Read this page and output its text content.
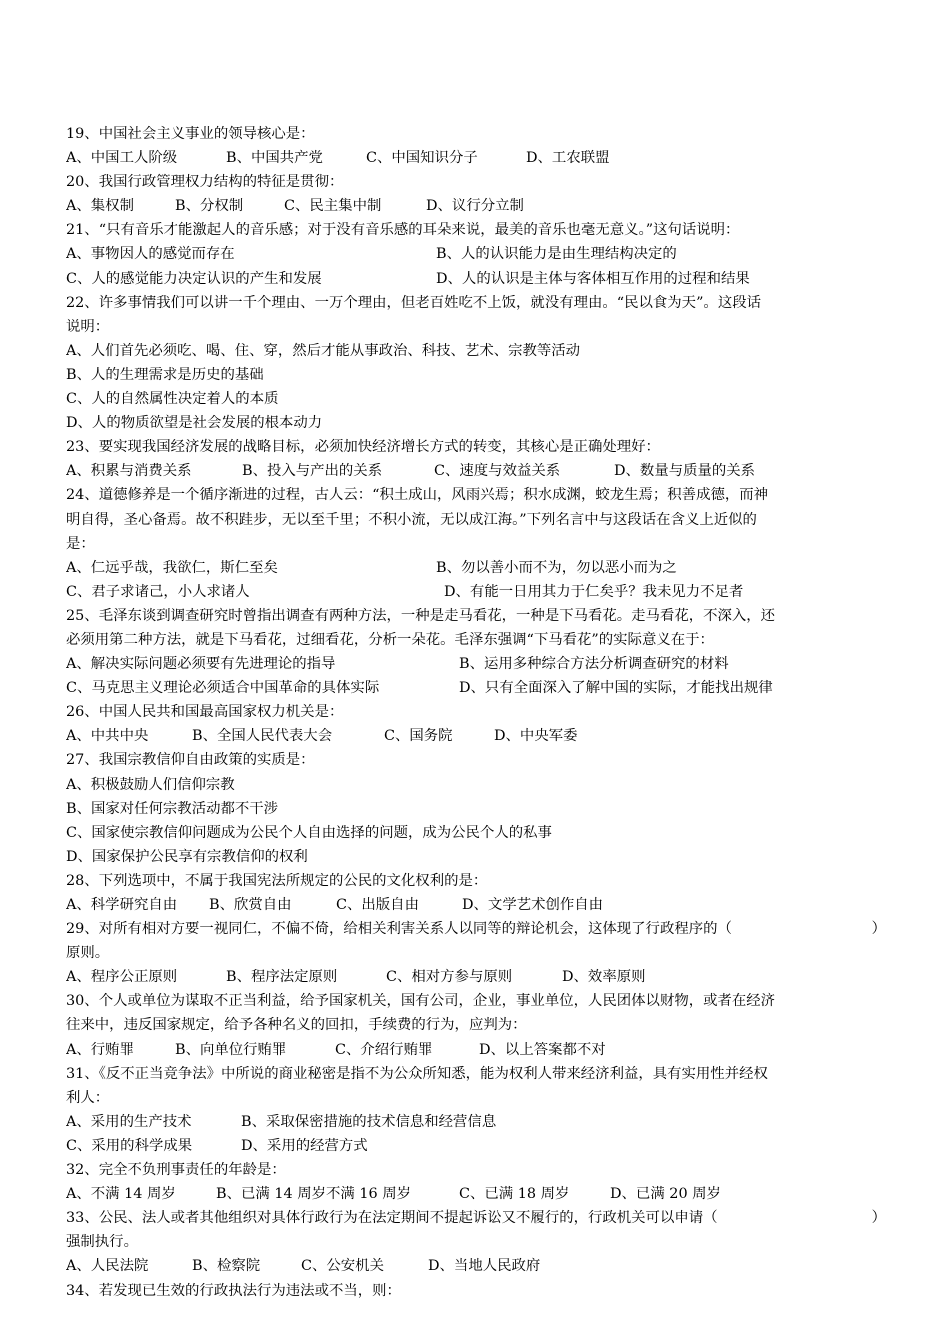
19、中国社会主义事业的领导核心是：
A、中国工人阶级	B、中国共产党	C、中国知识分子	D、工农联盟
20、我国行政管理权力结构的特征是贯彻：
A、集权制	B、分权制	C、民主集中制	D、议行分立制
21、“只有音乐才能激起人的音乐感；对于没有音乐感的耳朵来说，最美的音乐也毫无意义。”这句话说明：
A、事物因人的感觉而存在	B、人的认识能力是由生理结构决定的
C、人的感觉能力决定认识的产生和发展	D、人的认识是主体与客体相互作用的过程和结果
22、许多事情我们可以讲一千个理由、一万个理由，但老百姓吃不上饭，就没有理由。“民以食为天”。这段话
说明：
A、人们首先必须吃、喝、住、穿，然后才能从事政治、科技、艺术、宗教等活动
B、人的生理需求是历史的基础
C、人的自然属性决定着人的本质
D、人的物质欲望是社会发展的根本动力
23、要实现我国经济发展的战略目标，必须加快经济增长方式的转变，其核心是正确处理好：
A、积累与消费关系	B、投入与产出的关系	C、速度与效益关系	D、数量与质量的关系
24、道德修养是一个循序渐进的过程，古人云：“积土成山，风雨兴焉；积水成渊，蛟龙生焉；积善成德，而神
明自得，圣心备焉。故不积跬步，无以至千里；不积小流，无以成江海。”下列名言中与这段话在含义上近似的
是：
A、仁远乎哉，我欲仁，斯仁至矣	B、勿以善小而不为，勿以恶小而为之
C、君子求诸己，小人求诸人	D、有能一日用其力于仁矣乎？我未见力不足者
25、毛泽东谈到调查研究时曾指出调查有两种方法，一种是走马看花，一种是下马看花。走马看花，不深入，还
必须用第二种方法，就是下马看花，过细看花，分析一朵花。毛泽东强调“下马看花”的实际意义在于：
A、解决实际问题必须要有先进理论的指导	B、运用多种综合方法分析调查研究的材料
C、马克思主义理论必须适合中国革命的具体实际	D、只有全面深入了解中国的实际，才能找出规律
26、中国人民共和国最高国家权力机关是：
A、中共中央	B、全国人民代表大会	C、国务院	D、中央军委
27、我国宗教信仰自由政策的实质是：
A、积极鼓励人们信仰宗教
B、国家对任何宗教活动都不干涉
C、国家使宗教信仰问题成为公民个人自由选择的问题，成为公民个人的私事
D、国家保护公民享有宗教信仰的权利
28、下列选项中，不属于我国宪法所规定的公民的文化权利的是：
A、科学研究自由	B、欣赏自由	C、出版自由	D、文学艺术创作自由
29、对所有相对方要一视同仁，不偏不倚，给相关利害关系人以同等的辩论机会，这体现了行政程序的（	）
原则。
A、程序公正原则	B、程序法定原则	C、相对方参与原则	D、效率原则
30、个人或单位为谋取不正当利益，给予国家机关，国有公司，企业，事业单位，人民团体以财物，或者在经济
往来中，违反国家规定，给予各种名义的回扣，手续费的行为，应判为：
A、行贿罪	B、向单位行贿罪	C、介绍行贿罪	D、以上答案都不对
31、《反不正当竞争法》中所说的商业秘密是指不为公众所知悉，能为权利人带来经济利益，具有实用性并经权
利人：
A、采用的生产技术	B、采取保密措施的技术信息和经营信息
C、采用的科学成果	D、采用的经营方式
32、完全不负刑事责任的年龄是：
A、不满 14 周岁	B、已满 14 周岁不满 16 周岁	C、已满 18 周岁	D、已满 20 周岁
33、公民、法人或者其他组织对具体行政行为在法定期间不提起诉讼又不履行的，行政机关可以申请（	）
强制执行。
A、人民法院	B、检察院	C、公安机关	D、当地人民政府
34、若发现已生效的行政执法行为违法或不当，则：
